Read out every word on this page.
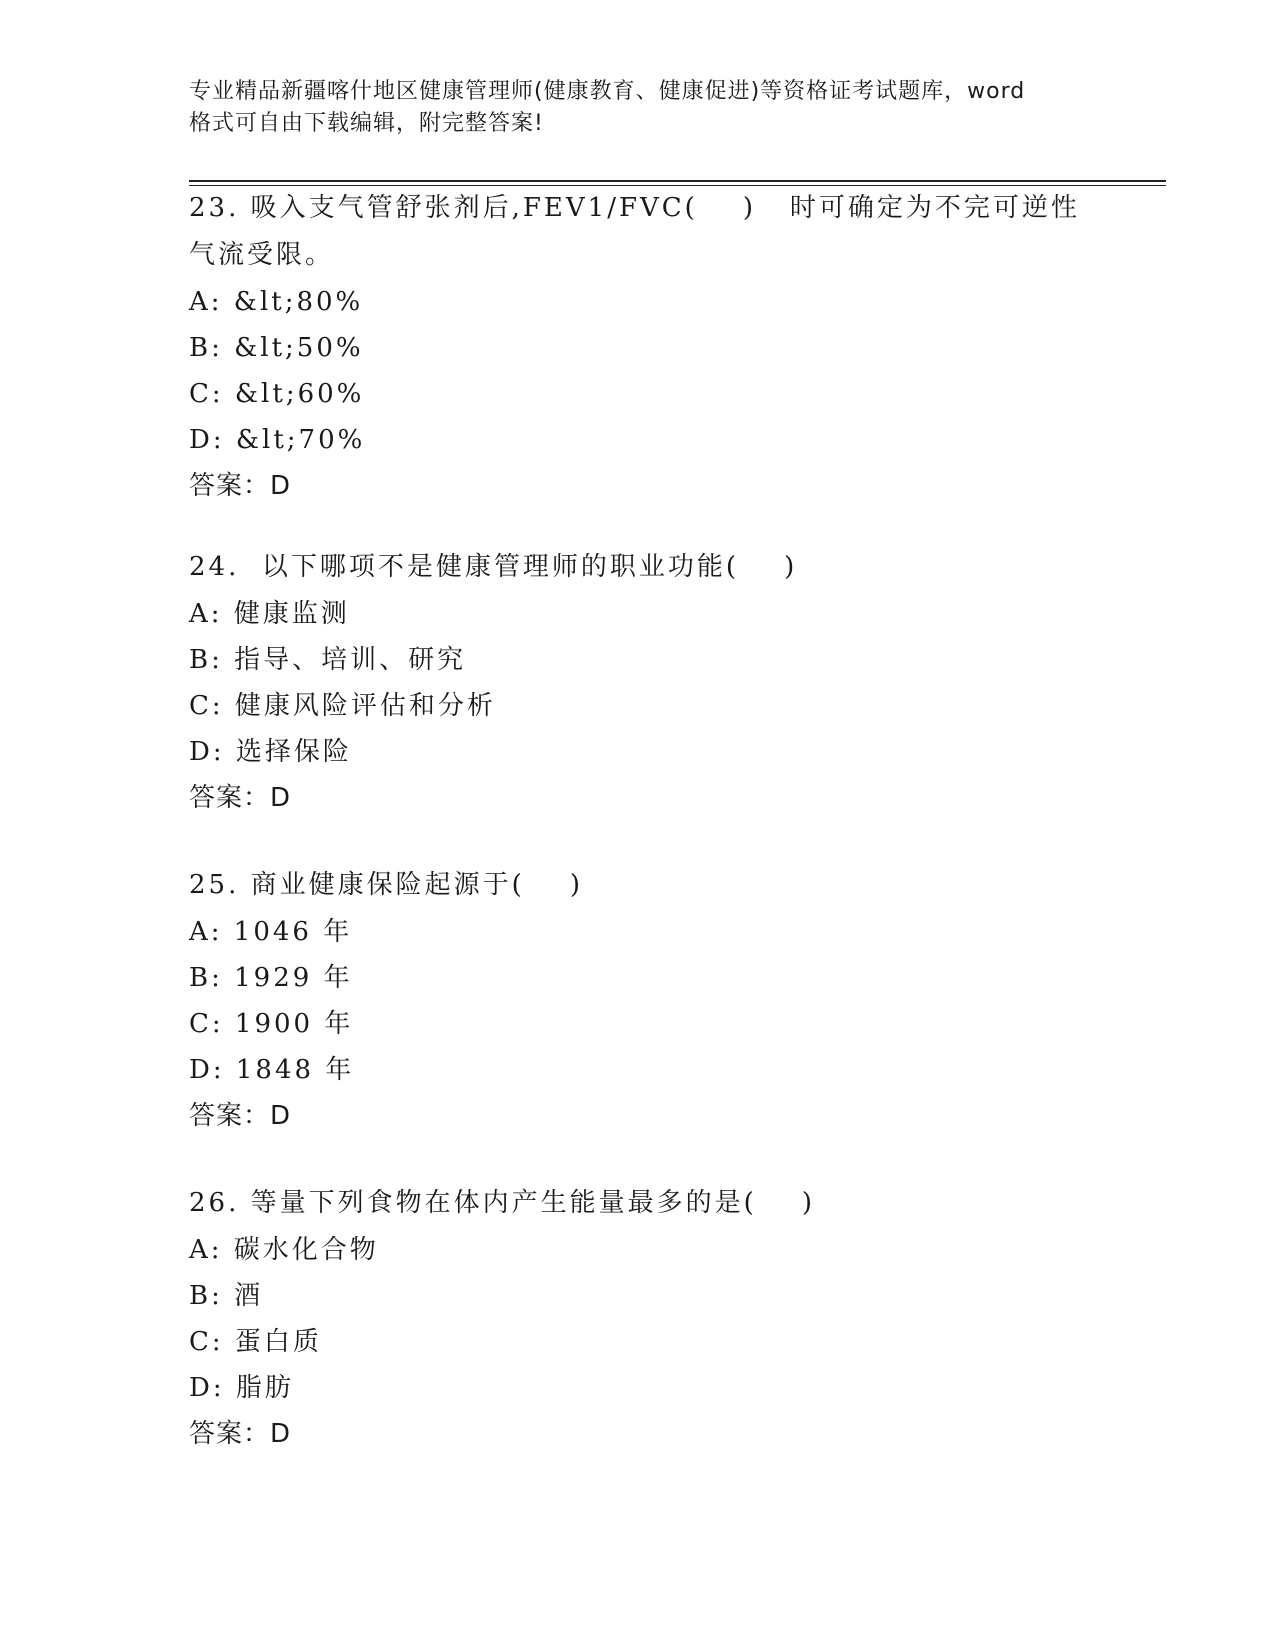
专业精品新疆喀什地区健康管理师(健康教育、健康促进)等资格证考试题库，word
格式可自由下载编辑，附完整答案!
23. 吸入支气管舒张剂后,FEV1/FVC(    )   时可确定为不完可逆性
气流受限。
A: &lt;80%
B: &lt;50%
C: &lt;60%
D: &lt;70%
答案：D
24.  以下哪项不是健康管理师的职业功能(    )
A: 健康监测
B: 指导、培训、研究
C: 健康风险评估和分析
D: 选择保险
答案：D
25. 商业健康保险起源于(    )
A: 1046 年
B: 1929 年
C: 1900 年
D: 1848 年
答案：D
26. 等量下列食物在体内产生能量最多的是(    )
A: 碳水化合物
B: 酒
C: 蛋白质
D: 脂肪
答案：D
